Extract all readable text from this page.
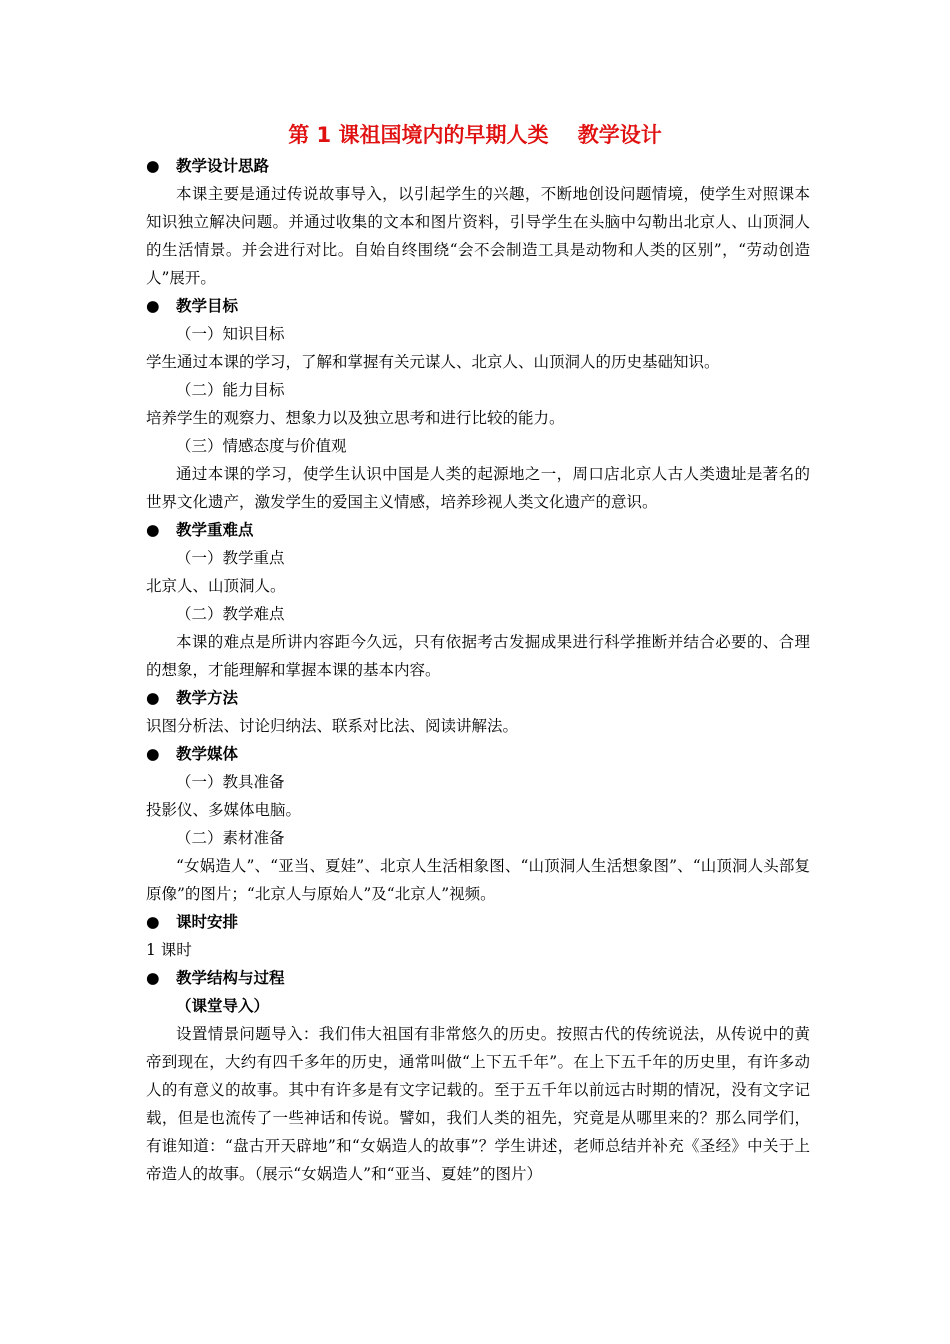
第 1 课祖国境内的早期人类    教学设计
● 教学设计思路
本课主要是通过传说故事导入，以引起学生的兴趣，不断地创设问题情境，使学生对照课本知识独立解决问题。并通过收集的文本和图片资料，引导学生在头脑中勾勒出北京人、山顶洞人的生活情景。并会进行对比。自始自终围绕“会不会制造工具是动物和人类的区别”，“劳动创造人”展开。
● 教学目标
（一）知识目标
学生通过本课的学习，了解和掌握有关元谋人、北京人、山顶洞人的历史基础知识。
（二）能力目标
培养学生的观察力、想象力以及独立思考和进行比较的能力。
（三）情感态度与价值观
通过本课的学习，使学生认识中国是人类的起源地之一，周口店北京人古人类遗址是著名的世界文化遗产，激发学生的爱国主义情感，培养珍视人类文化遗产的意识。
● 教学重难点
（一）教学重点
北京人、山顶洞人。
（二）教学难点
本课的难点是所讲内容距今久远，只有依据考古发掘成果进行科学推断并结合必要的、合理的想象，才能理解和掌握本课的基本内容。
● 教学方法
识图分析法、讨论归纳法、联系对比法、阅读讲解法。
● 教学媒体
（一）教具准备
投影仪、多媒体电脑。
（二）素材准备
“女娲造人”、“亚当、夏娃”、北京人生活相象图、“山顶洞人生活想象图”、“山顶洞人头部复原像”的图片；“北京人与原始人”及“北京人”视频。
● 课时安排
1 课时
● 教学结构与过程
（课堂导入）
设置情景问题导入：我们伟大祖国有非常悠久的历史。按照古代的传统说法，从传说中的黄帝到现在，大约有四千多年的历史，通常叫做“上下五千年”。在上下五千年的历史里，有许多动人的有意义的故事。其中有许多是有文字记载的。至于五千年以前远古时期的情况，没有文字记载，但是也流传了一些神话和传说。譬如，我们人类的祖先，究竟是从哪里来的？那么同学们，有谁知道：“盘古开天辟地”和“女娲造人的故事”？学生讲述，老师总结并补充《圣经》中关于上帝造人的故事。（展示“女娲造人”和“亚当、夏娃”的图片）
